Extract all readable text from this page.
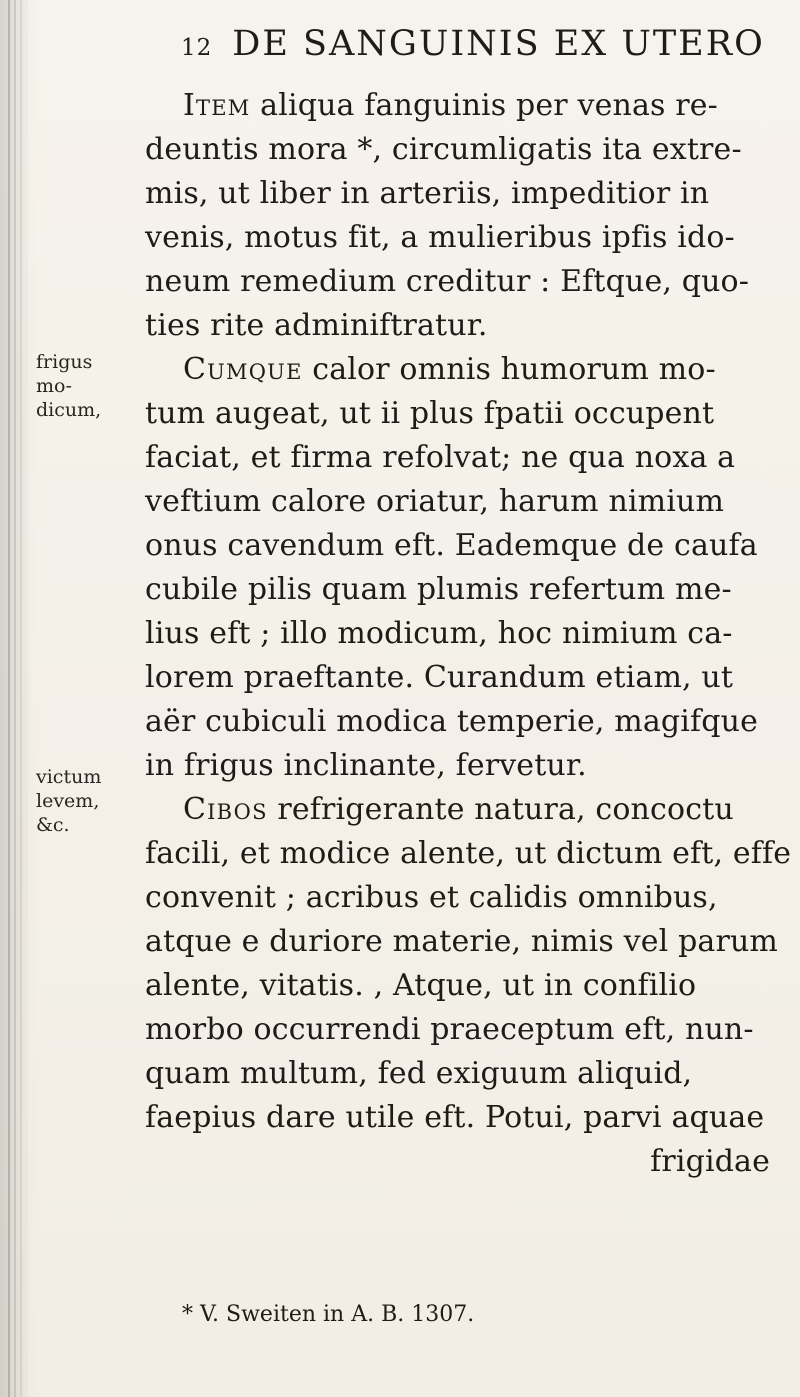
12 DE SANGUINIS EX UTERO
frigus mo-
dicum,
victum
levem, &c.
Item aliqua fanguinis per venas re-
deuntis mora *, circumligatis ita extre-
mis, ut liber in arteriis, impeditior in
venis, motus fit, a mulieribus ipfis ido-
neum remedium creditur : Eftque, quo-
ties rite adminiftratur.
Cumque calor omnis humorum mo-
tum augeat, ut ii plus fpatii occupent
faciat, et firma refolvat; ne qua noxa a
veftium calore oriatur, harum nimium
onus cavendum eft. Eademque de caufa
cubile pilis quam plumis refertum me-
lius eft ; illo modicum, hoc nimium ca-
lorem praeftante. Curandum etiam, ut
aër cubiculi modica temperie, magifque
in frigus inclinante, fervetur.
Cibos refrigerante natura, concoctu
facili, et modice alente, ut dictum eft, effe
convenit ; acribus et calidis omnibus,
atque e duriore materie, nimis vel parum
alente, vitatis. , Atque, ut in confilio
morbo occurrendi praeceptum eft, nun-
quam multum, fed exiguum aliquid,
faepius dare utile eft. Potui, parvi aquae
frigidae
* V. Sweiten in A. B. 1307.
